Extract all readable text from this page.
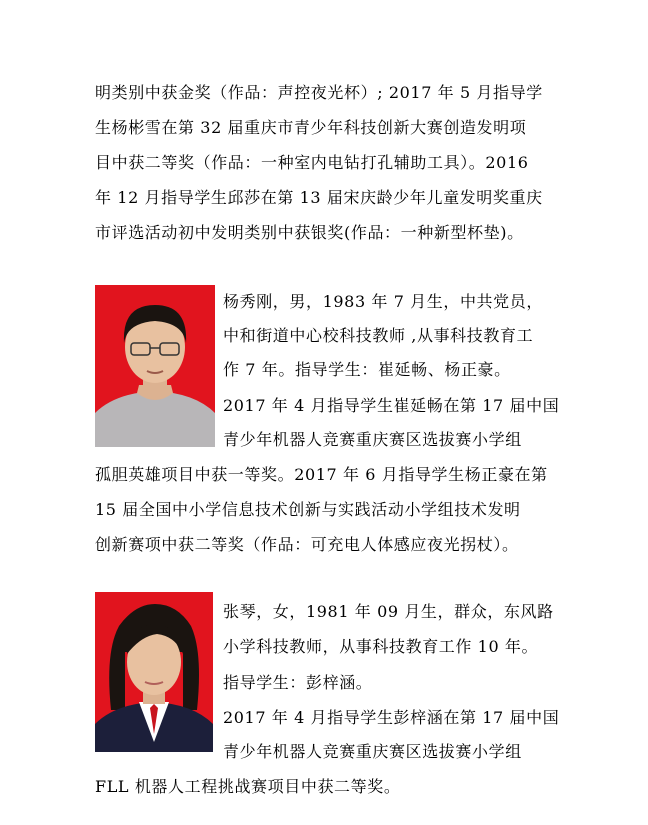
明类别中获金奖（作品：声控夜光杯）; 2017 年 5 月指导学
生杨彬雪在第 32 届重庆市青少年科技创新大赛创造发明项
目中获二等奖（作品：一种室内电钻打孔辅助工具）。2016
年 12 月指导学生邱莎在第 13 届宋庆龄少年儿童发明奖重庆
市评选活动初中发明类别中获银奖(作品：一种新型杯垫)。
杨秀刚，男，1983 年 7 月生，中共党员，
中和街道中心校科技教师 ,从事科技教育工
作 7 年。指导学生：崔延畅、杨正豪。
2017 年 4 月指导学生崔延畅在第 17 届中国
青少年机器人竞赛重庆赛区选拔赛小学组
孤胆英雄项目中获一等奖。2017 年 6 月指导学生杨正豪在第
15 届全国中小学信息技术创新与实践活动小学组技术发明
创新赛项中获二等奖（作品：可充电人体感应夜光拐杖）。
张琴，女，1981 年 09 月生，群众，东风路
小学科技教师，从事科技教育工作 10 年。
指导学生：彭梓涵。
2017 年 4 月指导学生彭梓涵在第 17 届中国
青少年机器人竞赛重庆赛区选拔赛小学组
FLL 机器人工程挑战赛项目中获二等奖。
